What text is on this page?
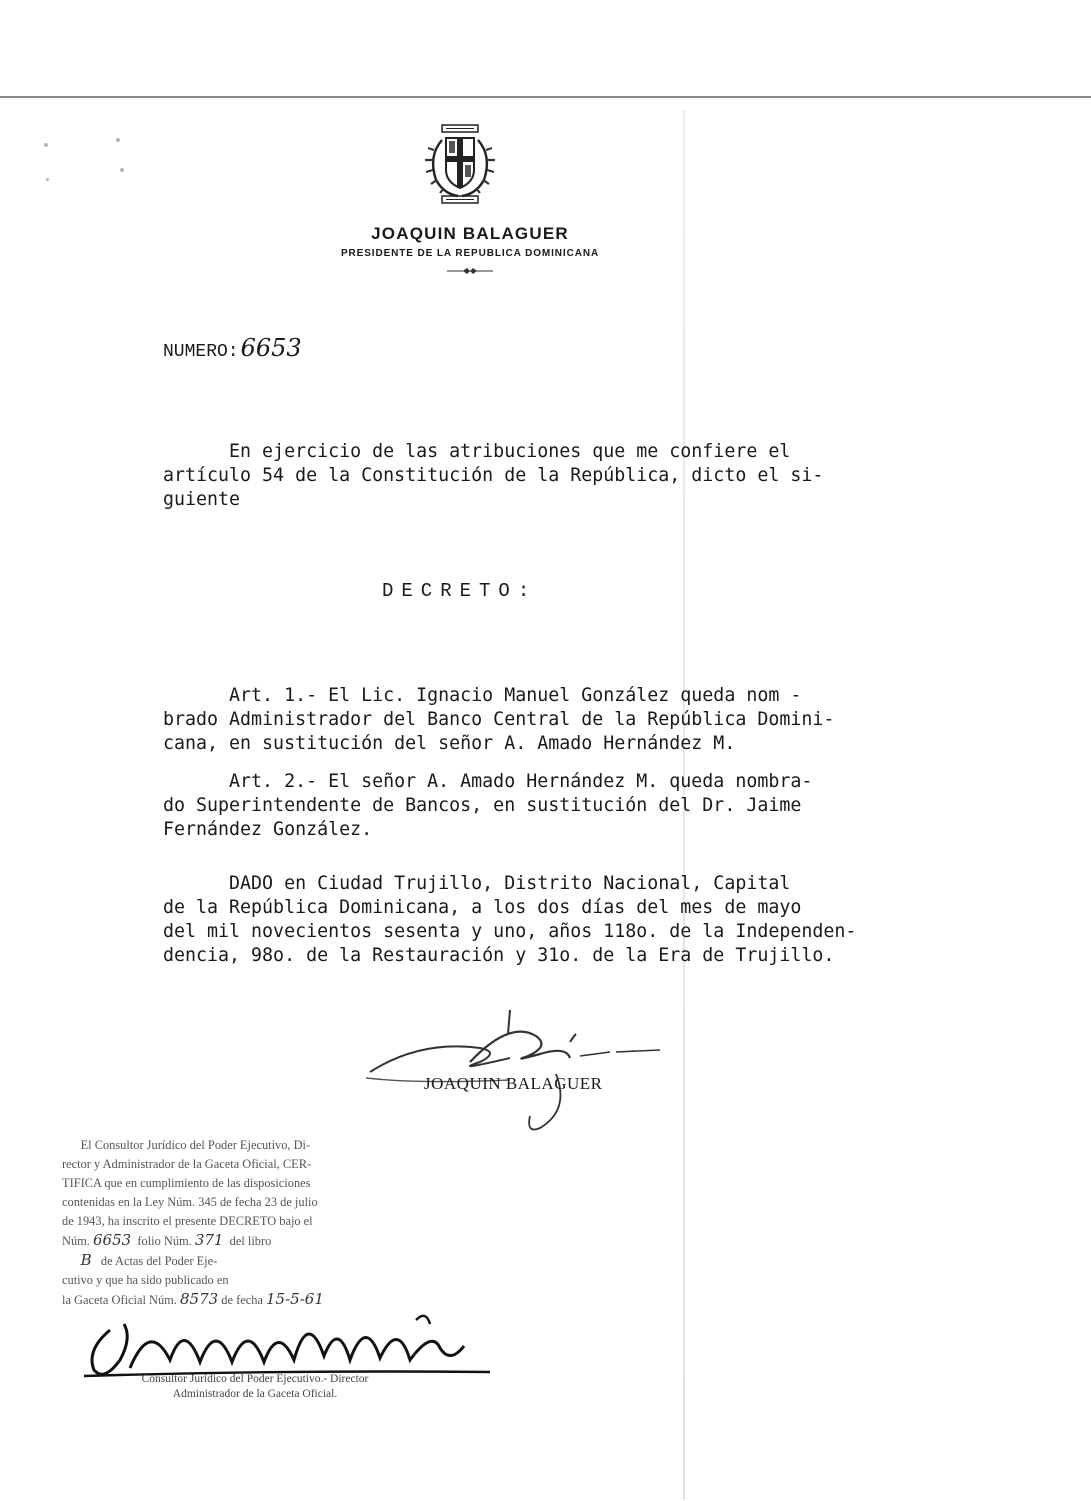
JOAQUIN BALAGUER
PRESIDENTE DE LA REPUBLICA DOMINICANA
NUMERO:6653
En ejercicio de las atribuciones que me confiere el
artículo 54 de la Constitución de la República, dicto el si-
guiente
DECRETO:
Art. 1.- El Lic. Ignacio Manuel González queda nom -
brado Administrador del Banco Central de la República Domini-
cana, en sustitución del señor A. Amado Hernández M.
Art. 2.- El señor A. Amado Hernández M. queda nombra-
do Superintendente de Bancos, en sustitución del Dr. Jaime
Fernández González.
DADO en Ciudad Trujillo, Distrito Nacional, Capital
de la República Dominicana, a los dos días del mes de mayo
del mil novecientos sesenta y uno, años 118o. de la Independen-
dencia, 98o. de la Restauración y 31o. de la Era de Trujillo.
JOAQUIN BALAGUER
El Consultor Jurídico del Poder Ejecutivo, Di-
rector y Administrador de la Gaceta Oficial, CER-
TIFICA que en cumplimiento de las disposiciones
contenidas en la Ley Núm. 345 de fecha 23 de julio
de 1943, ha inscrito el presente DECRETO bajo el
Núm. 6653  folio Núm. 371  del libro
B   de Actas del Poder Eje-
cutivo y que ha sido publicado en
la Gaceta Oficial Núm. 8573 de fecha 15-5-61

Consultor Jurídico del Poder Ejecutivo.- Director
Administrador de la Gaceta Oficial.
